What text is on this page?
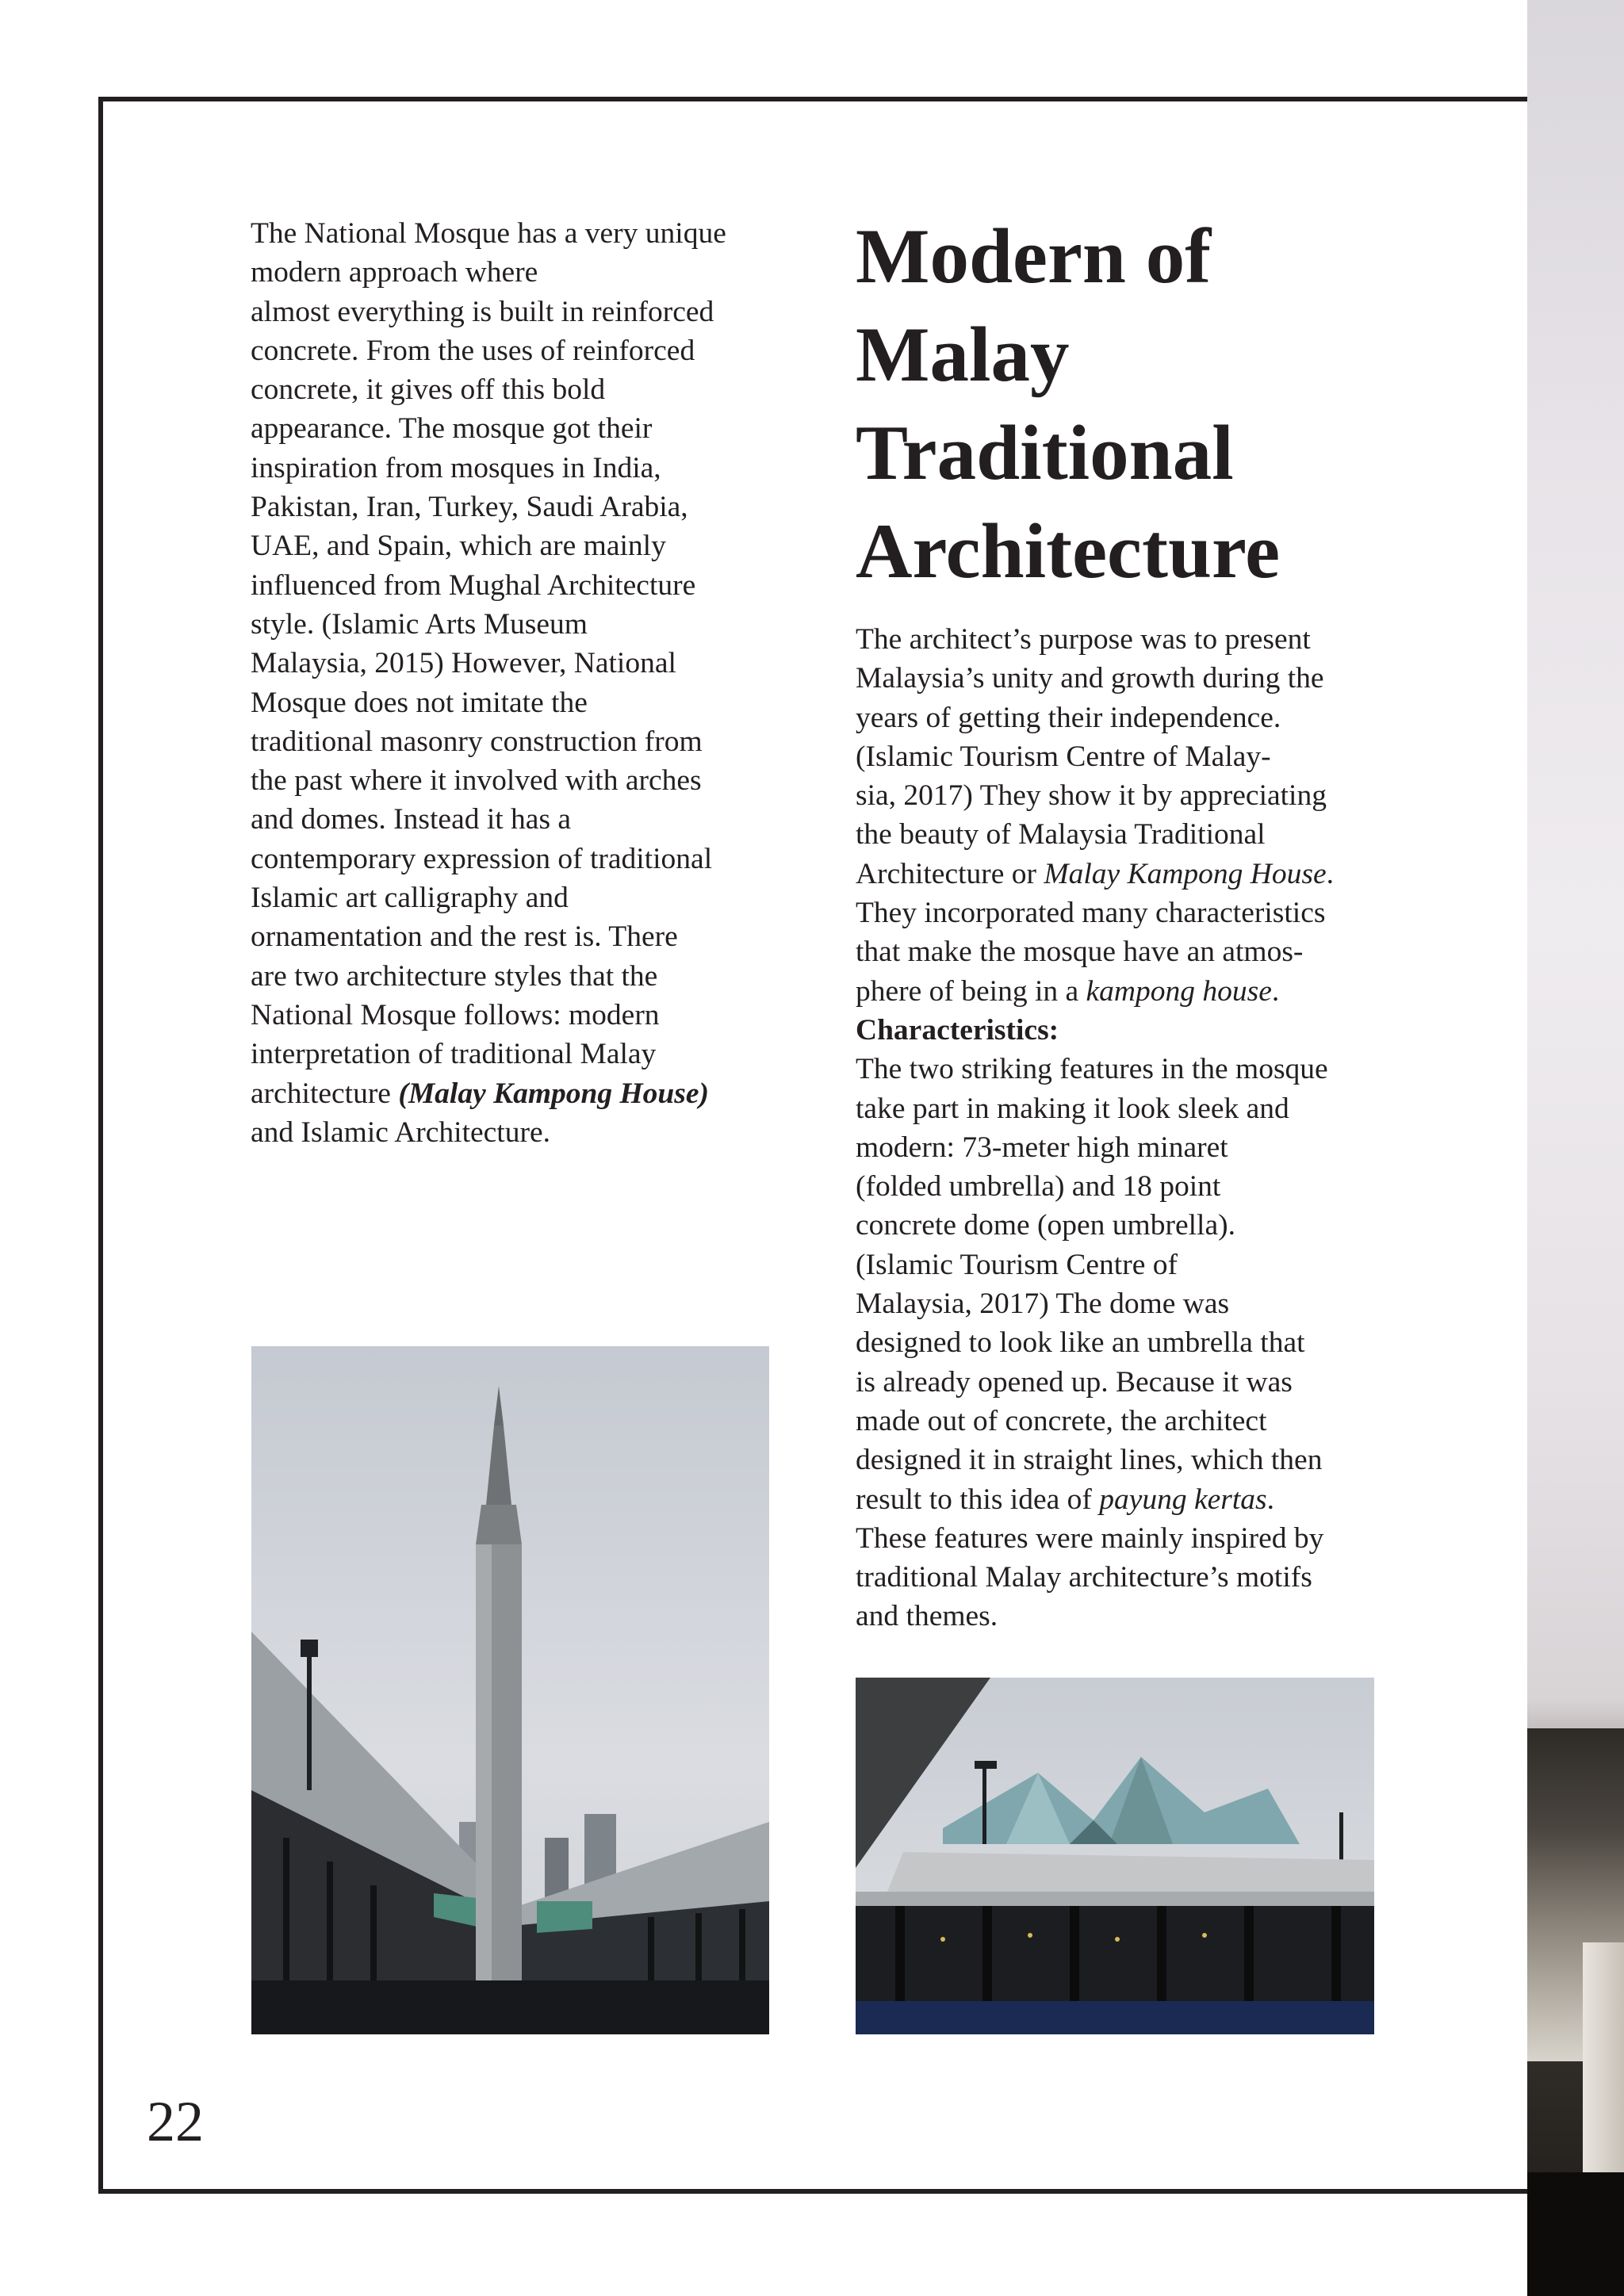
The National Mosque has a very unique
modern approach where
almost everything is built in reinforced
concrete. From the uses of reinforced
concrete, it gives off this bold
appearance. The mosque got their
inspiration from mosques in India,
Pakistan, Iran, Turkey, Saudi Arabia,
UAE, and Spain, which are mainly
influenced from Mughal Architecture
style. (Islamic Arts Museum
Malaysia, 2015) However, National
Mosque does not imitate the
traditional masonry construction from
the past where it involved with arches
and domes. Instead it has a
contemporary expression of traditional
Islamic art calligraphy and
ornamentation and the rest is. There
are two architecture styles that the
National Mosque follows: modern
interpretation of traditional Malay
architecture (Malay Kampong House)
and Islamic Architecture.

Modern of
Malay
Traditional
Architecture

The architect’s purpose was to present
Malaysia’s unity and growth during the
years of getting their independence.
(Islamic Tourism Centre of Malay-
sia, 2017) They show it by appreciating
the beauty of Malaysia Traditional
Architecture or Malay Kampong House.
They incorporated many characteristics
that make the mosque have an atmos-
phere of being in a kampong house.
Characteristics:
The two striking features in the mosque
take part in making it look sleek and
modern: 73-meter high minaret
(folded umbrella) and 18 point
concrete dome (open umbrella).
(Islamic Tourism Centre of
Malaysia, 2017) The dome was
designed to look like an umbrella that
is already opened up. Because it was
made out of concrete, the architect
designed it in straight lines, which then
result to this idea of payung kertas.
These features were mainly inspired by
traditional Malay architecture’s motifs
and themes.

22
